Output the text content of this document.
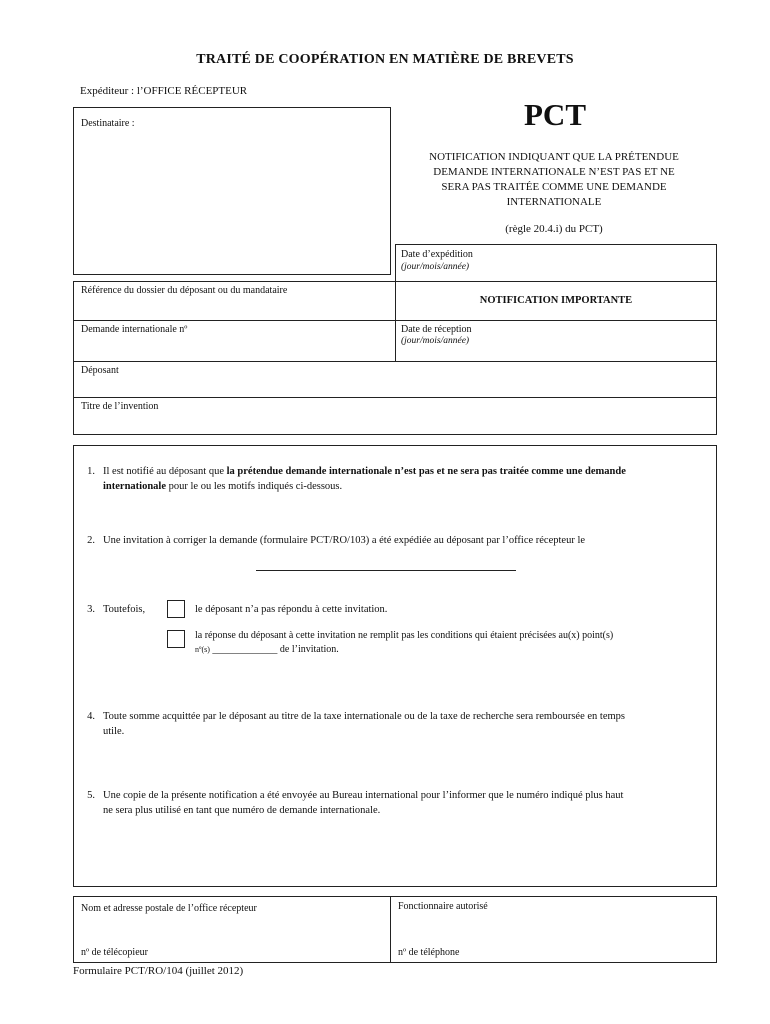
TRAITÉ DE COOPÉRATION EN MATIÈRE DE BREVETS
Expéditeur : l’OFFICE RÉCEPTEUR
Destinataire :	PCT
NOTIFICATION INDIQUANT QUE LA PRÉTENDUE
DEMANDE INTERNATIONALE N’EST PAS ET NE
SERA PAS TRAITÉE COMME UNE DEMANDE
INTERNATIONALE
(règle 20.4.i) du PCT)
Date d’expédition
(jour/mois/année)
Référence du dossier du déposant ou du mandataire
NOTIFICATION IMPORTANTE
Demande internationale nº	Date de réception
(jour/mois/année)
Déposant
Titre de l’invention
1. Il est notifié au déposant que la prétendue demande internationale n’est pas et ne sera pas traitée comme une demande
internationale pour le ou les motifs indiqués ci-dessous.
2. Une invitation à corriger la demande (formulaire PCT/RO/103) a été expédiée au déposant par l’office récepteur le
3. Toutefois,	le déposant n’a pas répondu à cette invitation.
la réponse du déposant à cette invitation ne remplit pas les conditions qui étaient précisées au(x) point(s)
nº(s) _____________ de l’invitation.
4. Toute somme acquittée par le déposant au titre de la taxe internationale ou de la taxe de recherche sera remboursée en temps
utile.
5. Une copie de la présente notification a été envoyée au Bureau international pour l’informer que le numéro indiqué plus haut
ne sera plus utilisé en tant que numéro de demande internationale.
Nom et adresse postale de l’office récepteur
nº de télécopieur
Fonctionnaire autorisé
nº de téléphone
Formulaire PCT/RO/104 (juillet 2012)
